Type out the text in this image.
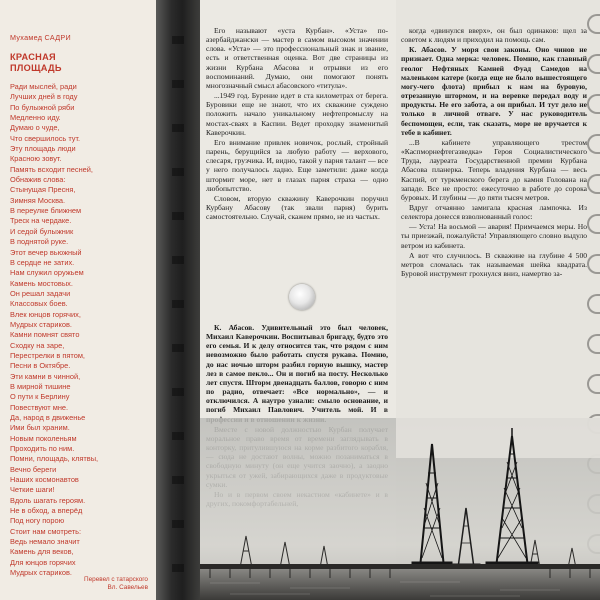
Мухамед САДРИ
КРАСНАЯ
ПЛОЩАДЬ
Ради мыслей, ради
Лучших дней в году
По булыжной ряби
Медленно иду.
Думаю о чуде,
Что свершилось тут.
Эту площадь люди
Красною зовут.
Память всходит песней,
Обнажив слова:
Стынущая Пресня,
Зимняя Москва.
В переулке ближнем
Треск на чердаке.
И седой булыжник
В поднятой руке.
Этот вечер вьюжный
В сердце не затих.
Нам служил оружьем
Камень мостовых.
Он решал задачи
Классовых боев.
Влек юнцов горячих,
Мудрых стариков.
Камни помнят свято
Сходку на заре,
Перестрелки в пятом,
Песни в Октябре.
Эти камни в чинной,
В мирной тишине
О пути к Берлину
Повествуют мне.
Да, народ в движенье
Ими был храним.
Новым поколеньям
Проходить по ним.
Помни, площадь, клятвы,
Вечно береги
Наших космонавтов
Четкие шаги!
Вдоль шагать героям.
Не в обход, а вперёд
Под ногу порою
Стоит нам смотреть:
Ведь немало значит
Камень для веков,
Для юнцов горячих
Мудрых стариков.
Перевел с татарского
Вл. Савельев

Его называют «уста Курбан». «Уста» по-азербайджански — мастер в самом высоком значении слова. «Уста» — это профессиональный знак и звание, есть и ответственная оценка. Вот две страницы из жизни Курбана Абасова и отрывки из его воспоминаний. Думаю, они помогают понять многозначный смысл абасовского «титула».

...1949 год. Бурение идет в ста километрах от берега. Буровики еще не знают, что их скважине суждено положить начало уникальному нефтепромыслу на мостах-сваях в Каспии. Ведет проходку знаменитый Каверочкин.

Его внимание привлек новичок, рослый, стройный парень, берущийся за любую работу — верхового, слесаря, грузчика. И, видно, такой у парня талант — все у него получалось ладно. Еще заметили: даже когда штормит море, нет в глазах парня страха — одно любопытство.

Словом, вторую скважину Каверочкин поручил Курбану Абасову (так звали парня) бурить самостоятельно. Случай, скажем прямо, не из частых.

К. Абасов. Удивительный это был человек, Михаил Каверочкин. Воспитывал бригаду, будто это его семья. И к делу относится так, что рядом с ним невозможно было работать спустя рукава. Помню, до нас ночью шторм разбил горную вышку, мастер лез в самое пекло... Он и погиб на посту. Несколько лет спустя. Шторм двенадцать баллов, говорю с ним по радио, отвечает: «Все нормально», — и отключился. А наутро узнали: смыло основание, и погиб Михаил Павлович. Учитель мой. И в

когда «двинулся вверх», он был одинаков: щел за советом к людям и приходил на помощь сам.

К. Абасов. У моря свои законы. Оно чинов не признает. Одна мерка: человек. Помню, как главный геолог Нефтяных Камней Фуад Самедов на маленьком катере (когда еще не было вышестоящего могу-чего флота) прибыл к нам на буровую, отрезанную штормом, и на веревке передал воду и продукты. Не его забота, а он прибыл. И тут дело не только в личной отваге. У нас руководитель беспомощен, если, так сказать, море не вручается к тебе в кабинет.

...В кабинете управляющего трестом «Каспморнефтегазведка» Героя Социалистического Труда, лауреата Государственной премии Курбана Абасова планерка. Теперь владения Курбана — весь Каспий, от туркменского берега до камня Голована на западе. Все не просто: ежесуточно в работе до сорока буровых. И глубины — до пяти тысяч метров.

Вдруг отчаянно замигала красная лампочка. Из селектора донесся взволнованный голос:

— Уста! На восьмой — авария! Примчаемся меры. Но ты приезжай, пожалуйста! Управляющего словно выдуло ветром из кабинета.

А вот что случилось. В скважине на глубине 4 500 метров сломалась так называемая шейка квадрата. Буровой инструмент грохнулся вниз, намертво за-
